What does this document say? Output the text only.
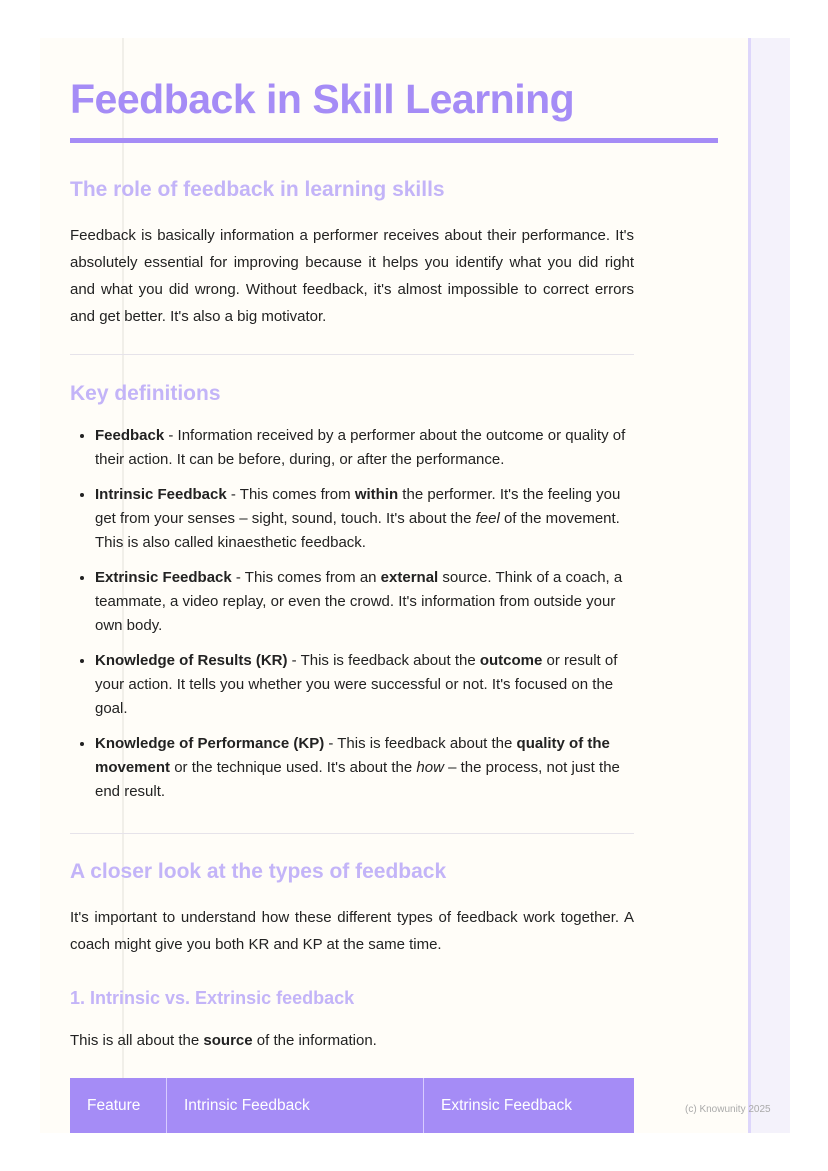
Feedback in Skill Learning
The role of feedback in learning skills

Feedback is basically information a performer receives about their performance. It's absolutely essential for improving because it helps you identify what you did right and what you did wrong. Without feedback, it's almost impossible to correct errors and get better. It's also a big motivator.

Key definitions
• Feedback - Information received by a performer about the outcome or quality of their action. It can be before, during, or after the performance.
• Intrinsic Feedback - This comes from within the performer. It's the feeling you get from your senses – sight, sound, touch. It's about the feel of the movement. This is also called kinaesthetic feedback.
• Extrinsic Feedback - This comes from an external source. Think of a coach, a teammate, a video replay, or even the crowd. It's information from outside your own body.
• Knowledge of Results (KR) - This is feedback about the outcome or result of your action. It tells you whether you were successful or not. It's focused on the goal.
• Knowledge of Performance (KP) - This is feedback about the quality of the movement or the technique used. It's about the how – the process, not just the end result.
A closer look at the types of feedback

It's important to understand how these different types of feedback work together. A coach might give you both KR and KP at the same time.

1. Intrinsic vs. Extrinsic feedback

This is all about the source of the information.

Feature	Intrinsic Feedback	Extrinsic Feedback	(c) Knowunity 2025
